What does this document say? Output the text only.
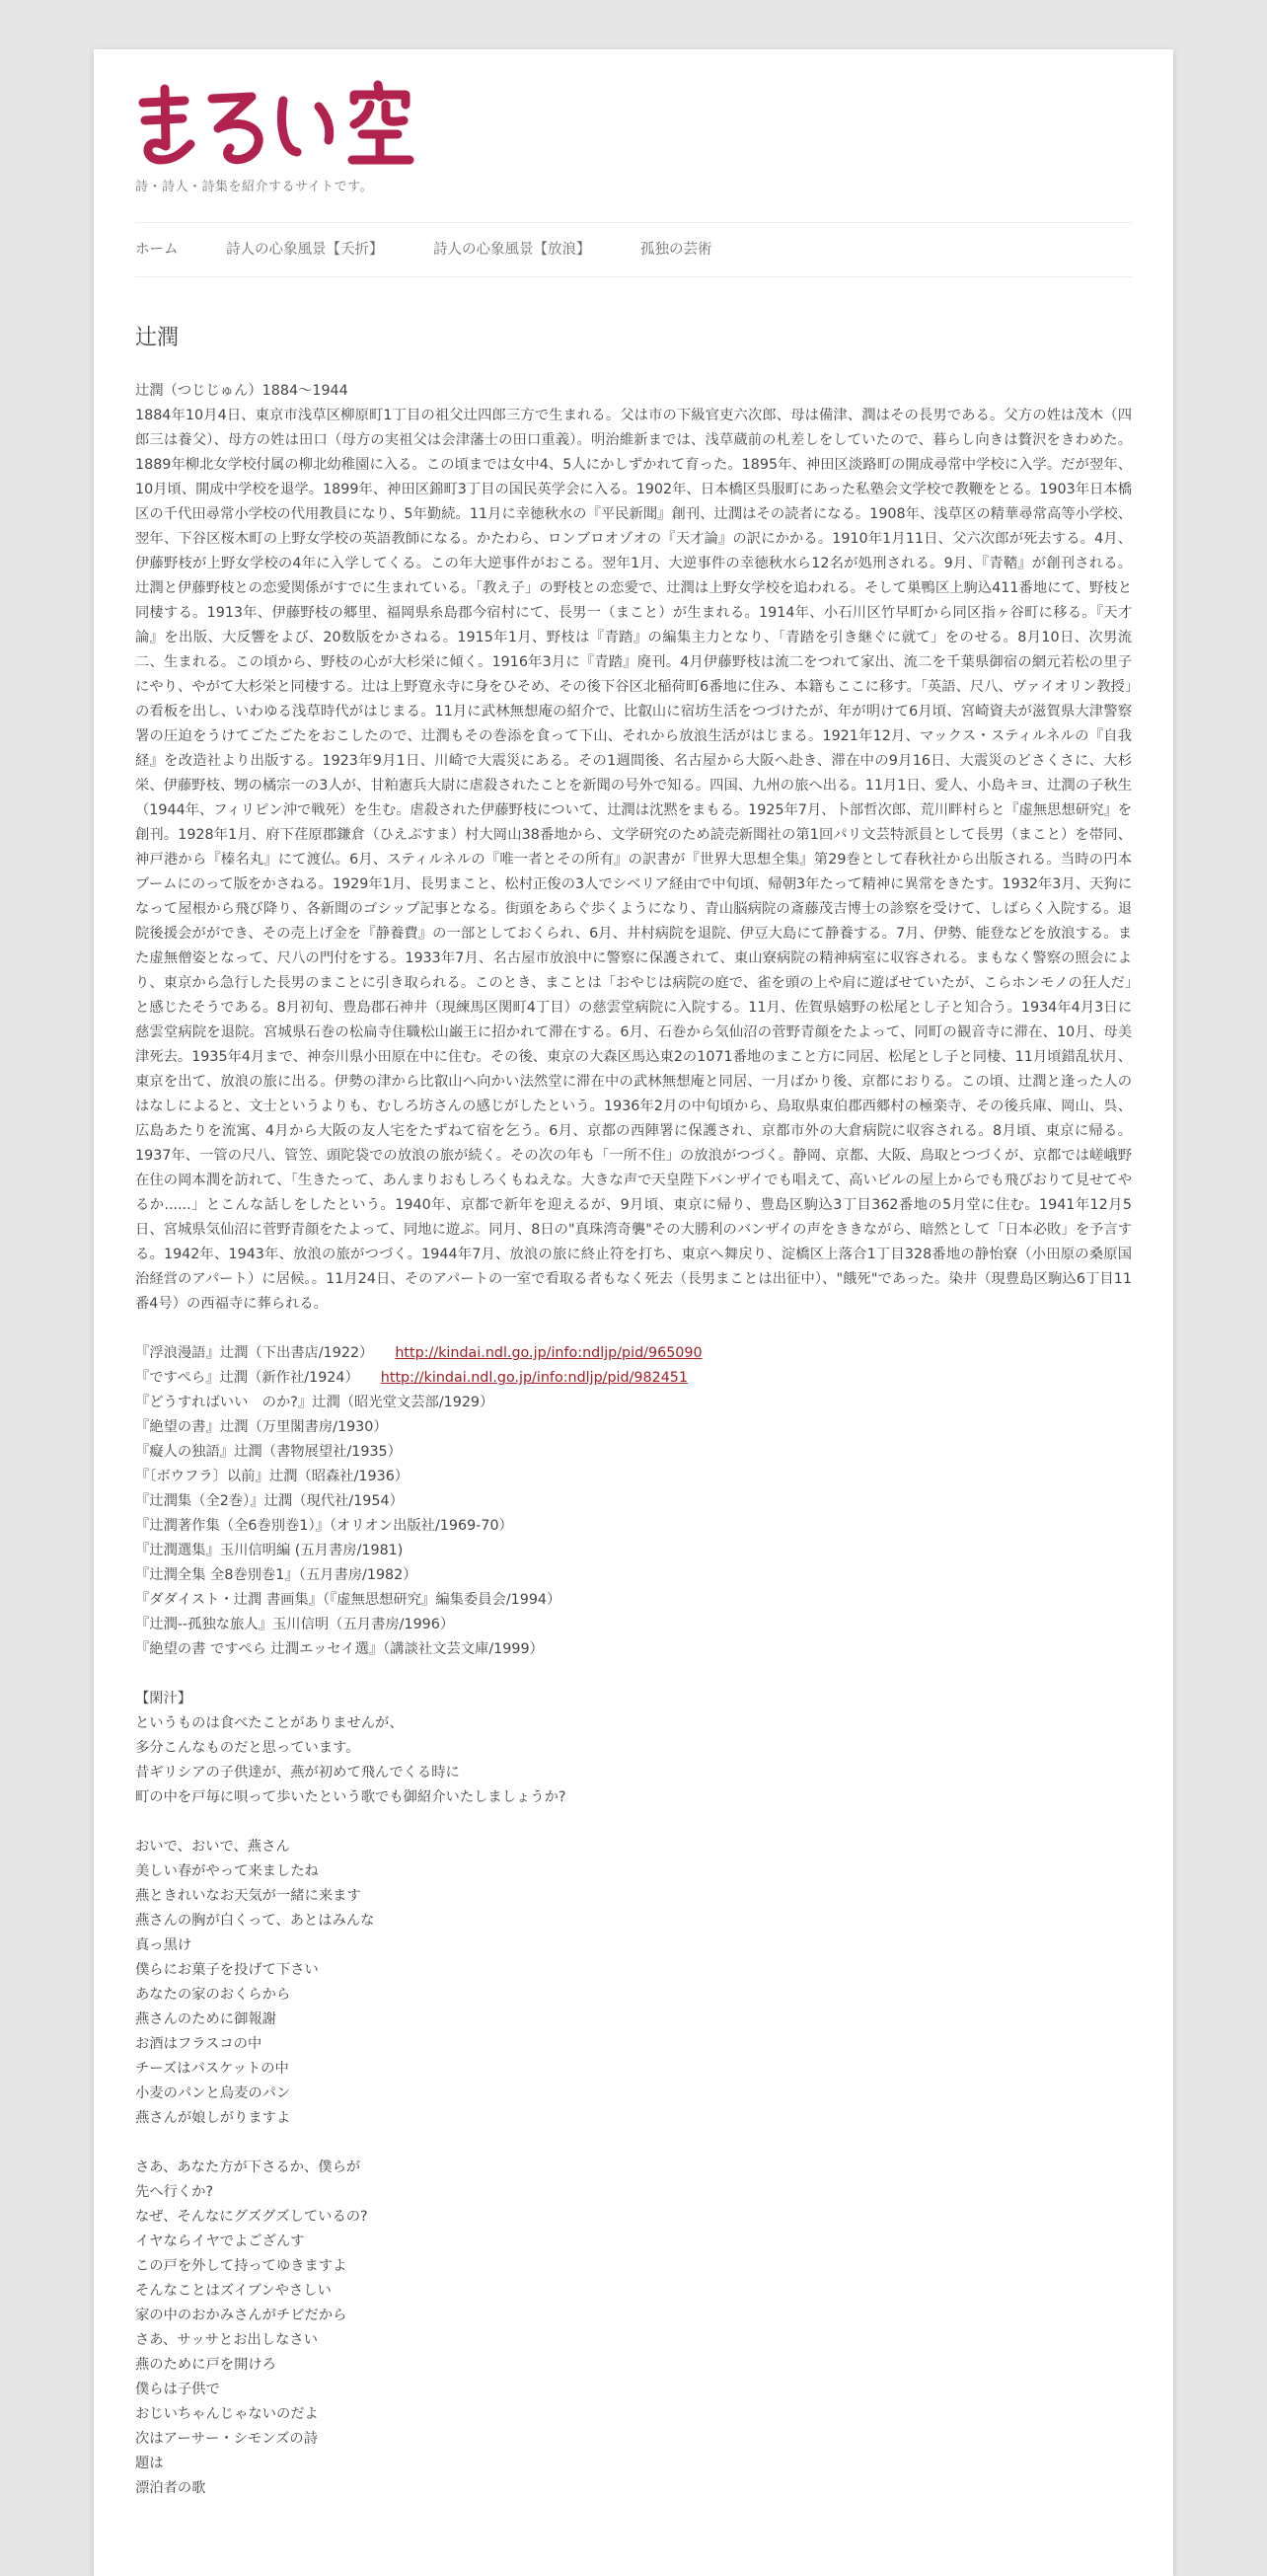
詩・詩人・詩集を紹介するサイトです。
ホーム	詩人の心象風景【夭折】	詩人の心象風景【放浪】	孤独の芸術
辻潤

辻潤（つじじゅん）1884〜1944

1884年10月4日、東京市浅草区柳原町1丁目の祖父辻四郎三方で生まれる。父は市の下級官吏六次郎、母は備津、潤はその長男である。父方の姓は茂木（四郎三は養父）、母方の姓は田口（母方の実祖父は会津藩士の田口重義）。明治維新までは、浅草蔵前の札差しをしていたので、暮らし向きは贅沢をきわめた。1889年柳北女学校付属の柳北幼稚園に入る。この頃までは女中4、5人にかしずかれて育った。1895年、神田区淡路町の開成尋常中学校に入学。だが翌年、10月頃、開成中学校を退学。1899年、神田区錦町3丁目の国民英学会に入る。1902年、日本橋区呉服町にあった私塾会文学校で教鞭をとる。1903年日本橋区の千代田尋常小学校の代用教員になり、5年勤続。11月に幸徳秋水の『平民新聞』創刊、辻潤はその読者になる。1908年、浅草区の精華尋常高等小学校、翌年、下谷区桜木町の上野女学校の英語教師になる。かたわら、ロンブロオゾオの『天才論』の訳にかかる。1910年1月11日、父六次郎が死去する。4月、伊藤野枝が上野女学校の4年に入学してくる。この年大逆事件がおこる。翌年1月、大逆事件の幸徳秋水ら12名が処刑される。9月、『青鞜』が創刊される。辻潤と伊藤野枝との恋愛関係がすでに生まれている。「教え子」の野枝との恋愛で、辻潤は上野女学校を追われる。そして巣鴨区上駒込411番地にて、野枝と同棲する。1913年、伊藤野枝の郷里、福岡県糸島郡今宿村にて、長男一（まこと）が生まれる。1914年、小石川区竹早町から同区指ヶ谷町に移る。『天才論』を出版、大反響をよび、20数版をかさねる。1915年1月、野枝は『青踏』の編集主力となり、「青踏を引き継ぐに就て」をのせる。8月10日、次男流二、生まれる。この頃から、野枝の心が大杉栄に傾く。1916年3月に『青踏』廃刊。4月伊藤野枝は流二をつれて家出、流二を千葉県御宿の網元若松の里子にやり、やがて大杉栄と同棲する。辻は上野寛永寺に身をひそめ、その後下谷区北稲荷町6番地に住み、本籍もここに移す。「英語、尺八、ヴァイオリン教授」の看板を出し、いわゆる浅草時代がはじまる。11月に武林無想庵の紹介で、比叡山に宿坊生活をつづけたが、年が明けて6月頃、宮崎資夫が滋賀県大津警察署の圧迫をうけてごたごたをおこしたので、辻潤もその巻添を食って下山、それから放浪生活がはじまる。1921年12月、マックス・スティルネルの『自我経』を改造社より出版する。1923年9月1日、川崎で大震災にある。その1週間後、名古屋から大阪へ赴き、滞在中の9月16日、大震災のどさくさに、大杉栄、伊藤野枝、甥の橘宗一の3人が、甘粕憲兵大尉に虐殺されたことを新聞の号外で知る。四国、九州の旅へ出る。11月1日、愛人、小島キヨ、辻潤の子秋生（1944年、フィリピン沖で戦死）を生む。虐殺された伊藤野枝について、辻潤は沈黙をまもる。1925年7月、卜部哲次郎、荒川畔村らと『虚無思想研究』を創刊。1928年1月、府下荏原郡鎌倉（ひえぶすま）村大岡山38番地から、文学研究のため読売新聞社の第1回パリ文芸特派員として長男（まこと）を帯同、神戸港から『榛名丸』にて渡仏。6月、スティルネルの『唯一者とその所有』の訳書が『世界大思想全集』第29巻として春秋社から出版される。当時の円本ブームにのって版をかさねる。1929年1月、長男まこと、松村正俊の3人でシベリア経由で中旬頃、帰朝3年たって精神に異常をきたす。1932年3月、天狗になって屋根から飛び降り、各新聞のゴシップ記事となる。街頭をあらぐ歩くようになり、青山脳病院の斎藤茂吉博士の診察を受けて、しばらく入院する。退院後援会がができ、その売上げ金を『静養費』の一部としておくられ、6月、井村病院を退院、伊豆大島にて静養する。7月、伊勢、能登などを放浪する。また虚無僧姿となって、尺八の門付をする。1933年7月、名古屋市放浪中に警察に保護されて、東山寮病院の精神病室に収容される。まもなく警察の照会により、東京から急行した長男のまことに引き取られる。このとき、まことは「おやじは病院の庭で、雀を頭の上や肩に遊ばせていたが、こらホンモノの狂人だ」と感じたそうである。8月初旬、豊島郡石神井（現練馬区関町4丁目）の慈雲堂病院に入院する。11月、佐賀県嬉野の松尾とし子と知合う。1934年4月3日に慈雲堂病院を退院。宮城県石巻の松扁寺住職松山巌王に招かれて滞在する。6月、石巻から気仙沼の菅野青顔をたよって、同町の観音寺に滞在、10月、母美津死去。1935年4月まで、神奈川県小田原在中に住む。その後、東京の大森区馬込東2の1071番地のまこと方に同居、松尾とし子と同棲、11月頃錯乱状月、東京を出て、放浪の旅に出る。伊勢の津から比叡山へ向かい法然堂に滞在中の武林無想庵と同居、一月ばかり後、京都におりる。この頃、辻潤と逢った人のはなしによると、文士というよりも、むしろ坊さんの感じがしたという。1936年2月の中旬頃から、鳥取県東伯郡西郷村の極楽寺、その後兵庫、岡山、呉、広島あたりを流寓、4月から大阪の友人宅をたずねて宿を乞う。6月、京都の西陣署に保護され、京都市外の大倉病院に収容される。8月頃、東京に帰る。1937年、一管の尺八、管笠、頭陀袋での放浪の旅が続く。その次の年も「一所不住」の放浪がつづく。静岡、京都、大阪、鳥取とつづくが、京都では嵯峨野在住の岡本潤を訪れて、「生きたって、あんまりおもしろくもねえな。大きな声で天皇陛下バンザイでも唱えて、高いビルの屋上からでも飛びおりて見せてやるか......」とこんな話しをしたという。1940年、京都で新年を迎えるが、9月頃、東京に帰り、豊島区駒込3丁目362番地の5月堂に住む。1941年12月5日、宮城県気仙沼に菅野青顔をたよって、同地に遊ぶ。同月、8日の"真珠湾奇襲"その大勝利のバンザイの声をききながら、暗然として「日本必敗」を予言する。1942年、1943年、放浪の旅がつづく。1944年7月、放浪の旅に終止符を打ち、東京へ舞戻り、淀橋区上落合1丁目328番地の静怡寮（小田原の桑原国治経営のアパート）に居候。。11月24日、そのアパートの一室で看取る者もなく死去（長男まことは出征中）、"餓死"であった。染井（現豊島区駒込6丁目11番4号）の西福寺に葬られる。

『浮浪漫語』辻潤（下出書店/1922） http://kindai.ndl.go.jp/info:ndljp/pid/965090
『ですぺら』辻潤（新作社/1924） http://kindai.ndl.go.jp/info:ndljp/pid/982451
『どうすればいい　のか?』辻潤（昭光堂文芸部/1929）
『絶望の書』辻潤（万里閣書房/1930）
『癡人の独語』辻潤（書物展望社/1935）
『〔ボウフラ〕以前』辻潤（昭森社/1936）
『辻潤集（全2巻）』辻潤（現代社/1954）
『辻潤著作集（全6巻別巻1）』（オリオン出版社/1969-70）
『辻潤選集』玉川信明編 (五月書房/1981)
『辻潤全集 全8巻別巻1』（五月書房/1982）
『ダダイスト・辻潤 書画集』（『虚無思想研究』編集委員会/1994）
『辻潤--孤独な旅人』玉川信明（五月書房/1996）
『絶望の書 ですぺら 辻潤エッセイ選』（講談社文芸文庫/1999）
【閑汁】
というものは食べたことがありませんが、
多分こんなものだと思っています。
昔ギリシアの子供達が、燕が初めて飛んでくる時に
町の中を戸毎に唄って歩いたという歌でも御紹介いたしましょうか?
おいで、おいで、燕さん
美しい春がやって来ましたね
燕ときれいなお天気が一緒に来ます
燕さんの胸が白くって、あとはみんな
真っ黒け
僕らにお菓子を投げて下さい
あなたの家のおくらから
燕さんのために御報謝
お酒はフラスコの中
チーズはバスケットの中
小麦のパンと烏麦のパン
燕さんが娘しがりますよ
さあ、あなた方が下さるか、僕らが
先へ行くか?
なぜ、そんなにグズグズしているの?
イヤならイヤでよござんす
この戸を外して持ってゆきますよ
そんなことはズイブンやさしい
家の中のおかみさんがチビだから
さあ、サッサとお出しなさい
燕のために戸を開けろ
僕らは子供で
おじいちゃんじゃないのだよ
次はアーサー・シモンズの詩
題は
漂泊者の歌
